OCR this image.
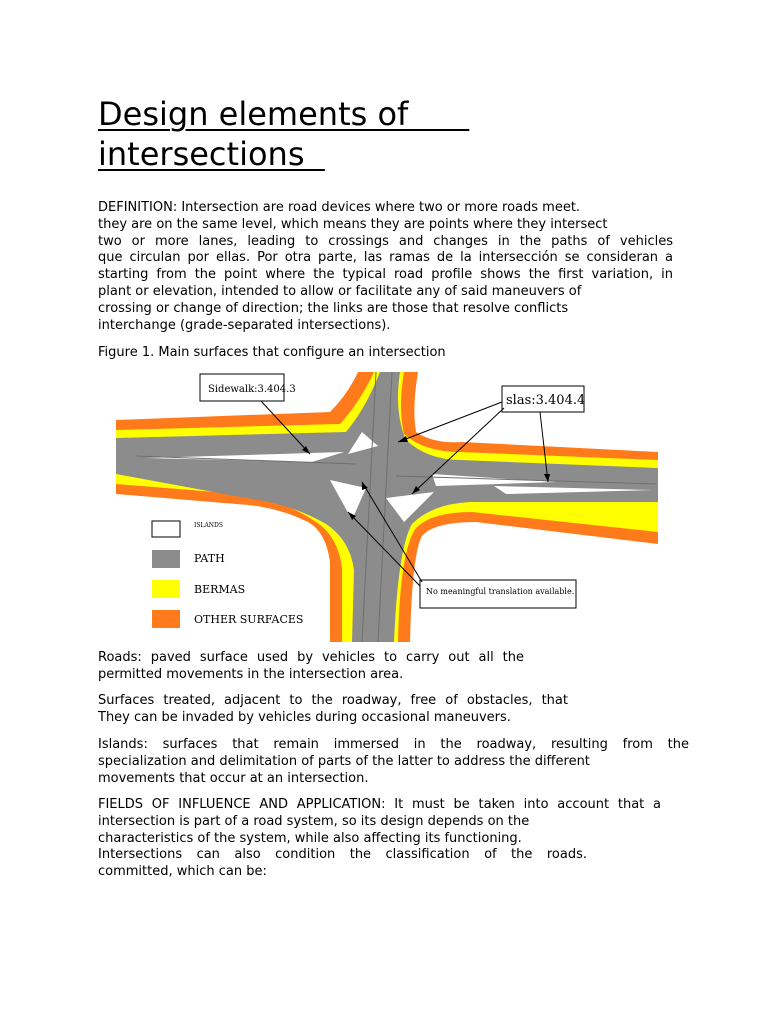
Design elements of
intersections
DEFINITION: Intersection are road devices where two or more roads meet.
they are on the same level, which means they are points where they intersect
two or more lanes, leading to crossings and changes in the paths of vehicles
que circulan por ellas. Por otra parte, las ramas de la intersección se consideran a
starting from the point where the typical road profile shows the first variation, in
plant or elevation, intended to allow or facilitate any of said maneuvers of
crossing or change of direction; the links are those that resolve conflicts
interchange (grade-separated intersections).
Figure 1. Main surfaces that configure an intersection
Sidewalk:3.404.3
slas:3.404.4
No meaningful translation available.
ISLANDS
PATH
BERMAS
OTHER SURFACES
Roads: paved surface used by vehicles to carry out all the
permitted movements in the intersection area.
Surfaces treated, adjacent to the roadway, free of obstacles, that
They can be invaded by vehicles during occasional maneuvers.
Islands: surfaces that remain immersed in the roadway, resulting from the
specialization and delimitation of parts of the latter to address the different
movements that occur at an intersection.
FIELDS OF INFLUENCE AND APPLICATION: It must be taken into account that a
intersection is part of a road system, so its design depends on the
characteristics of the system, while also affecting its functioning.
Intersections can also condition the classification of the roads.
committed, which can be:
